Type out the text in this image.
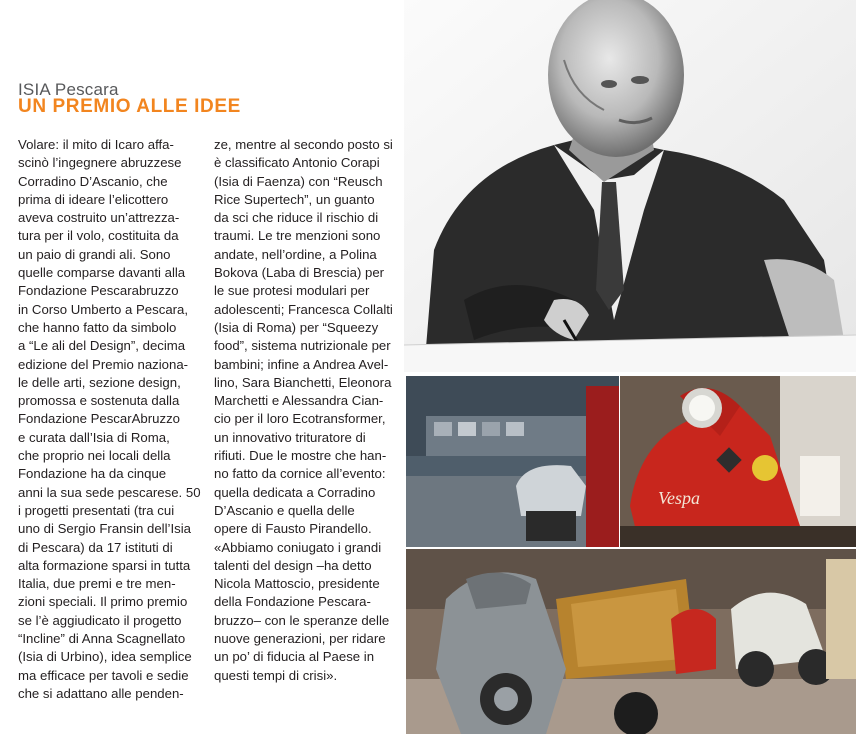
ISIA Pescara
UN PREMIO ALLE IDEE
Volare: il mito di Icaro affa-
scinò l’ingegnere abruzzese
Corradino D’Ascanio, che
prima di ideare l’elicottero
aveva costruito un’attrezza-
tura per il volo, costituita da
un paio di grandi ali. Sono
quelle comparse davanti alla
Fondazione Pescarabruzzo
in Corso Umberto a Pescara,
che hanno fatto da simbolo
a “Le ali del Design”, decima
edizione del Premio naziona-
le delle arti, sezione design,
promossa e sostenuta dalla
Fondazione PescarAbruzzo
e curata dall’Isia di Roma,
che proprio nei locali della
Fondazione ha da cinque
anni la sua sede pescarese. 50
i progetti presentati (tra cui
uno di Sergio Fransin dell’Isia
di Pescara) da 17 istituti di
alta formazione sparsi in tutta
Italia, due premi e tre men-
zioni speciali. Il primo premio
se l’è aggiudicato il progetto
“Incline” di Anna Scagnellato
(Isia di Urbino), idea semplice
ma efficace per tavoli e sedie
che si adattano alle penden-
ze, mentre al secondo posto si
è classificato Antonio Corapi
(Isia di Faenza) con “Reusch
Rice Supertech”, un guanto
da sci che riduce il rischio di
traumi. Le tre menzioni sono
andate, nell’ordine, a Polina
Bokova (Laba di Brescia) per
le sue protesi modulari per
adolescenti; Francesca Collalti
(Isia di Roma) per “Squeezy
food”, sistema nutrizionale per
bambini; infine a Andrea Avel-
lino, Sara Bianchetti, Eleonora
Marchetti e Alessandra Cian-
cio per il loro Ecotransformer,
un innovativo trituratore di
rifiuti. Due le mostre che han-
no fatto da cornice all’evento:
quella dedicata a Corradino
D’Ascanio e quella delle
opere di Fausto Pirandello.
«Abbiamo coniugato i grandi
talenti del design –ha detto
Nicola Mattoscio, presidente
della Fondazione Pescara-
bruzzo– con le speranze delle
nuove generazioni, per ridare
un po’ di fiducia al Paese in
questi tempi di crisi».
Vespa
